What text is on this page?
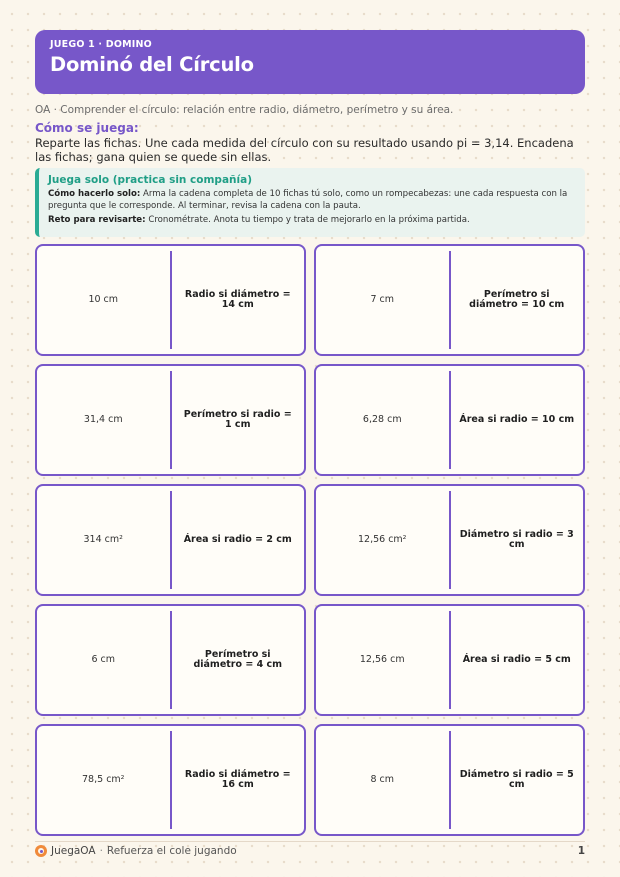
JUEGO 1 · DOMINO
Dominó del Círculo
OA · Comprender el círculo: relación entre radio, diámetro, perímetro y su área.
Cómo se juega:
Reparte las fichas. Une cada medida del círculo con su resultado usando pi = 3,14. Encadena las fichas; gana quien se quede sin ellas.
Juega solo (practica sin compañía)

Cómo hacerlo solo: Arma la cadena completa de 10 fichas tú solo, como un rompecabezas: une cada respuesta con la pregunta que le corresponde. Al terminar, revisa la cadena con la pauta.

Reto para revisarte: Cronométrate. Anota tu tiempo y trata de mejorarlo en la próxima partida.

10 cm	Radio si diámetro = 14 cm	7 cm	Perímetro si diámetro = 10 cm
31,4 cm	Perímetro si radio = 1 cm	6,28 cm	Área si radio = 10 cm
314 cm²	Área si radio = 2 cm	12,56 cm²	Diámetro si radio = 3 cm
6 cm	Perímetro si diámetro = 4 cm	12,56 cm	Área si radio = 5 cm
78,5 cm²	Radio si diámetro = 16 cm	8 cm	Diámetro si radio = 5 cm
JuegaOA · Refuerza el cole jugando	1
